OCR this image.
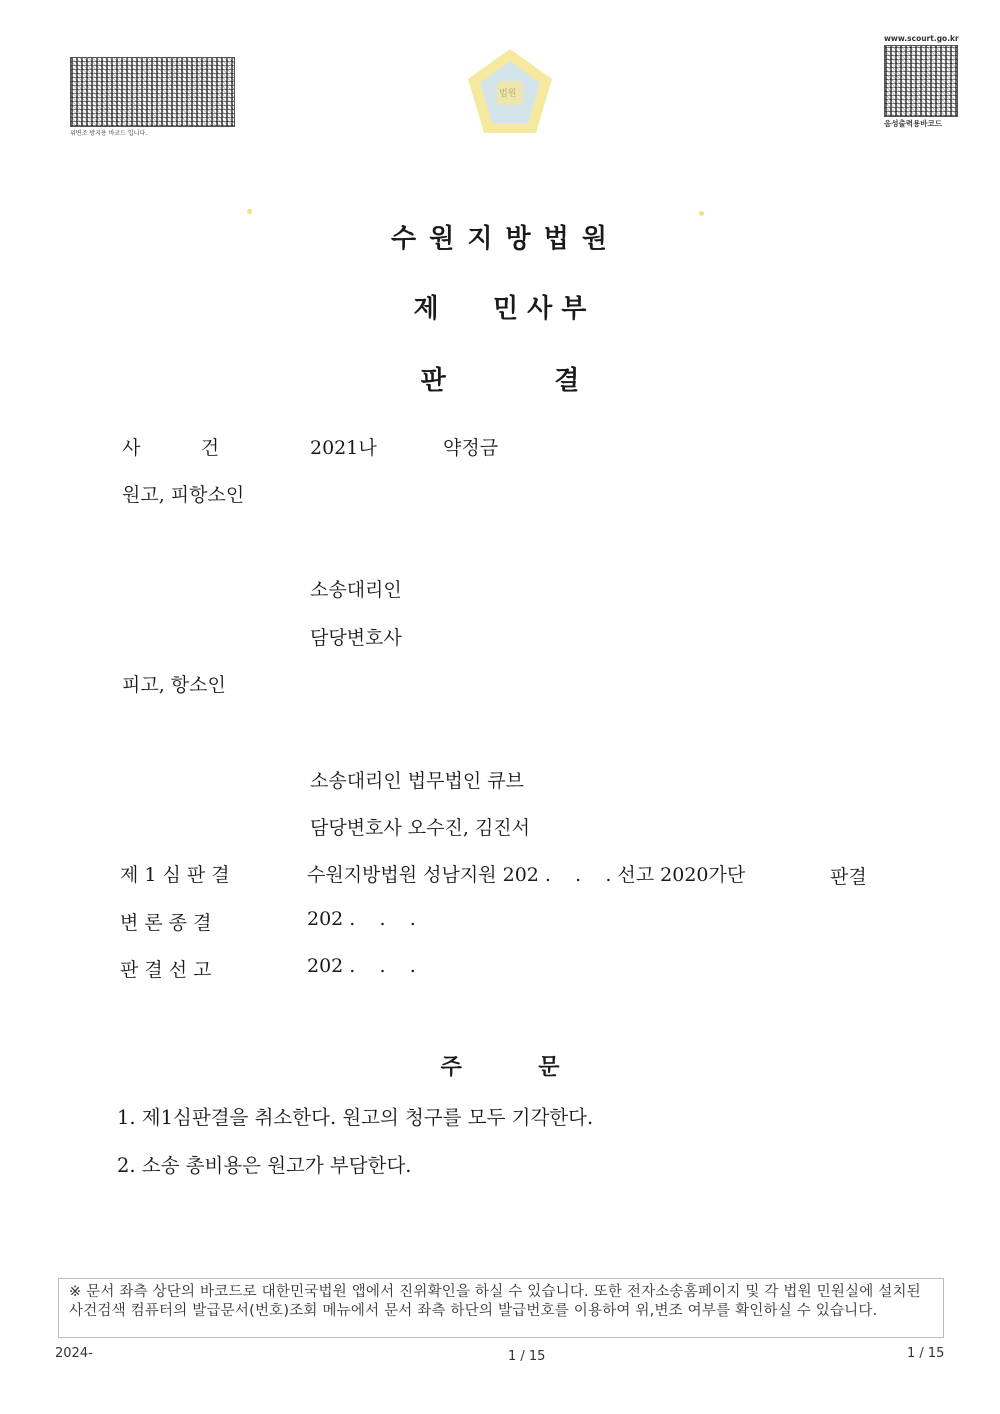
위변조 방지용 바코드 입니다.
법원
www.scourt.go.kr
음성출력용바코드
수 원 지 방 법 원
제      민 사 부
판            결
사          건	2021나	약정금
원고, 피항소인
소송대리인
담당변호사
피고, 항소인
소송대리인 법무법인 큐브
담당변호사 오수진, 김진서
제 1 심 판 결	수원지방법원 성남지원 202 .    .    . 선고 2020가단	판결
변 론 종 결	202 .    .    .
판 결 선 고	202 .    .    .
주          문
1. 제1심판결을 취소한다. 원고의 청구를 모두 기각한다.
2. 소송 총비용은 원고가 부담한다.
※ 문서 좌측 상단의 바코드로 대한민국법원 앱에서 진위확인을 하실 수 있습니다. 또한 전자소송홈페이지 및 각 법원 민원실에 설치된 사건검색 컴퓨터의 발급문서(번호)조회 메뉴에서 문서 좌측 하단의 발급번호를 이용하여 위,변조 여부를 확인하실 수 있습니다.
2024-	1 / 15	1 / 15
